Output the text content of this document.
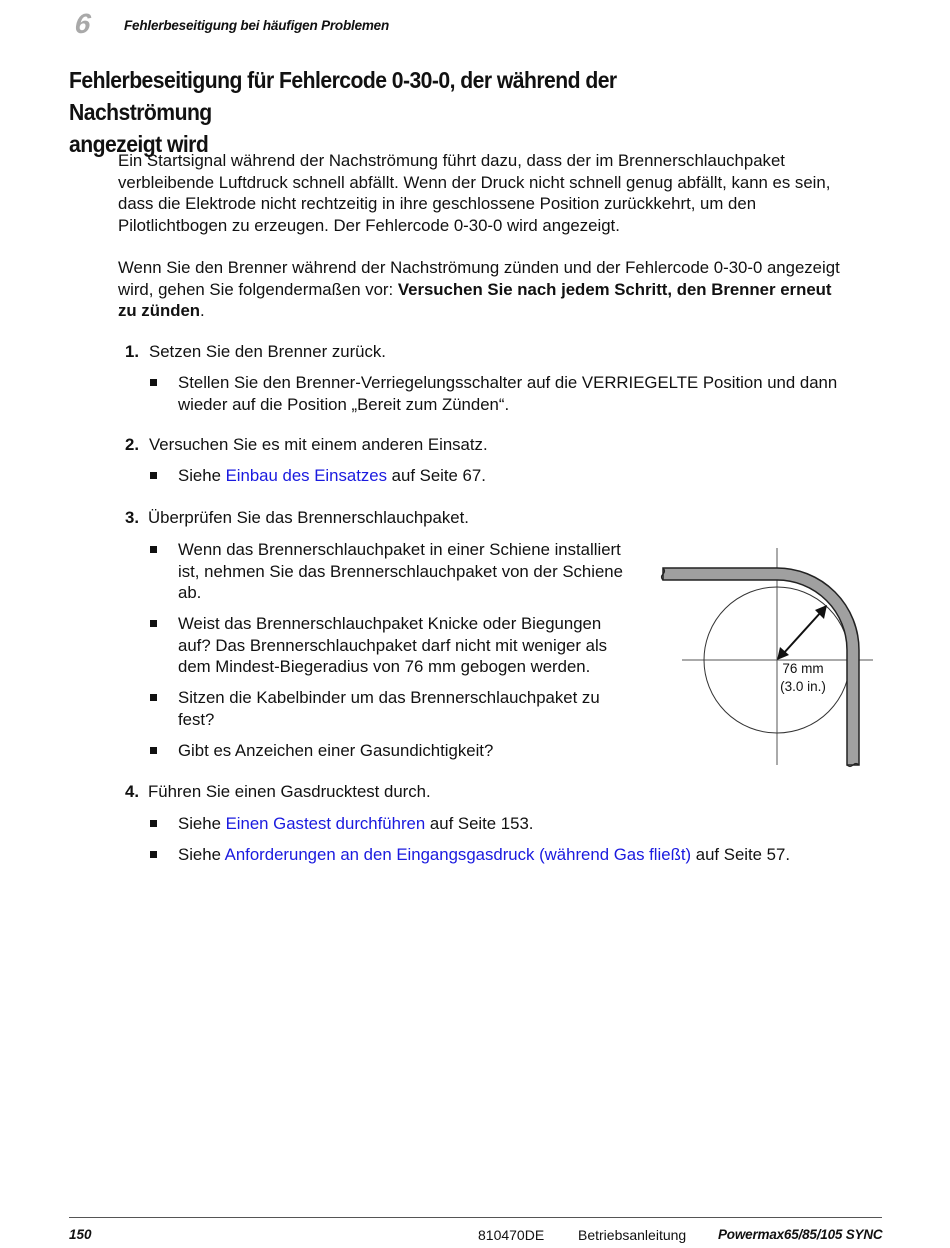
6 Fehlerbeseitigung bei häufigen Problemen
Fehlerbeseitigung für Fehlercode 0-30-0, der während der Nachströmung
angezeigt wird
Ein Startsignal während der Nachströmung führt dazu, dass der im Brennerschlauchpaket
verbleibende Luftdruck schnell abfällt. Wenn der Druck nicht schnell genug abfällt, kann es sein,
dass die Elektrode nicht rechtzeitig in ihre geschlossene Position zurückkehrt, um den
Pilotlichtbogen zu erzeugen. Der Fehlercode 0-30-0 wird angezeigt.
Wenn Sie den Brenner während der Nachströmung zünden und der Fehlercode 0-30-0 angezeigt
wird, gehen Sie folgendermaßen vor: Versuchen Sie nach jedem Schritt, den Brenner erneut
zu zünden.
1. Setzen Sie den Brenner zurück.
Stellen Sie den Brenner-Verriegelungsschalter auf die VERRIEGELTE Position und dann
wieder auf die Position „Bereit zum Zünden“.
2. Versuchen Sie es mit einem anderen Einsatz.
Siehe Einbau des Einsatzes auf Seite 67.
3. Überprüfen Sie das Brennerschlauchpaket.
Wenn das Brennerschlauchpaket in einer Schiene installiert
ist, nehmen Sie das Brennerschlauchpaket von der Schiene
ab.
Weist das Brennerschlauchpaket Knicke oder Biegungen
auf? Das Brennerschlauchpaket darf nicht mit weniger als
dem Mindest-Biegeradius von 76 mm gebogen werden.
Sitzen die Kabelbinder um das Brennerschlauchpaket zu
fest?
Gibt es Anzeichen einer Gasundichtigkeit?
76 mm
(3.0 in.)
4. Führen Sie einen Gasdrucktest durch.
Siehe Einen Gastest durchführen auf Seite 153.
Siehe Anforderungen an den Eingangsgasdruck (während Gas fließt) auf Seite 57.
150	810470DE Betriebsanleitung Powermax65/85/105 SYNC
